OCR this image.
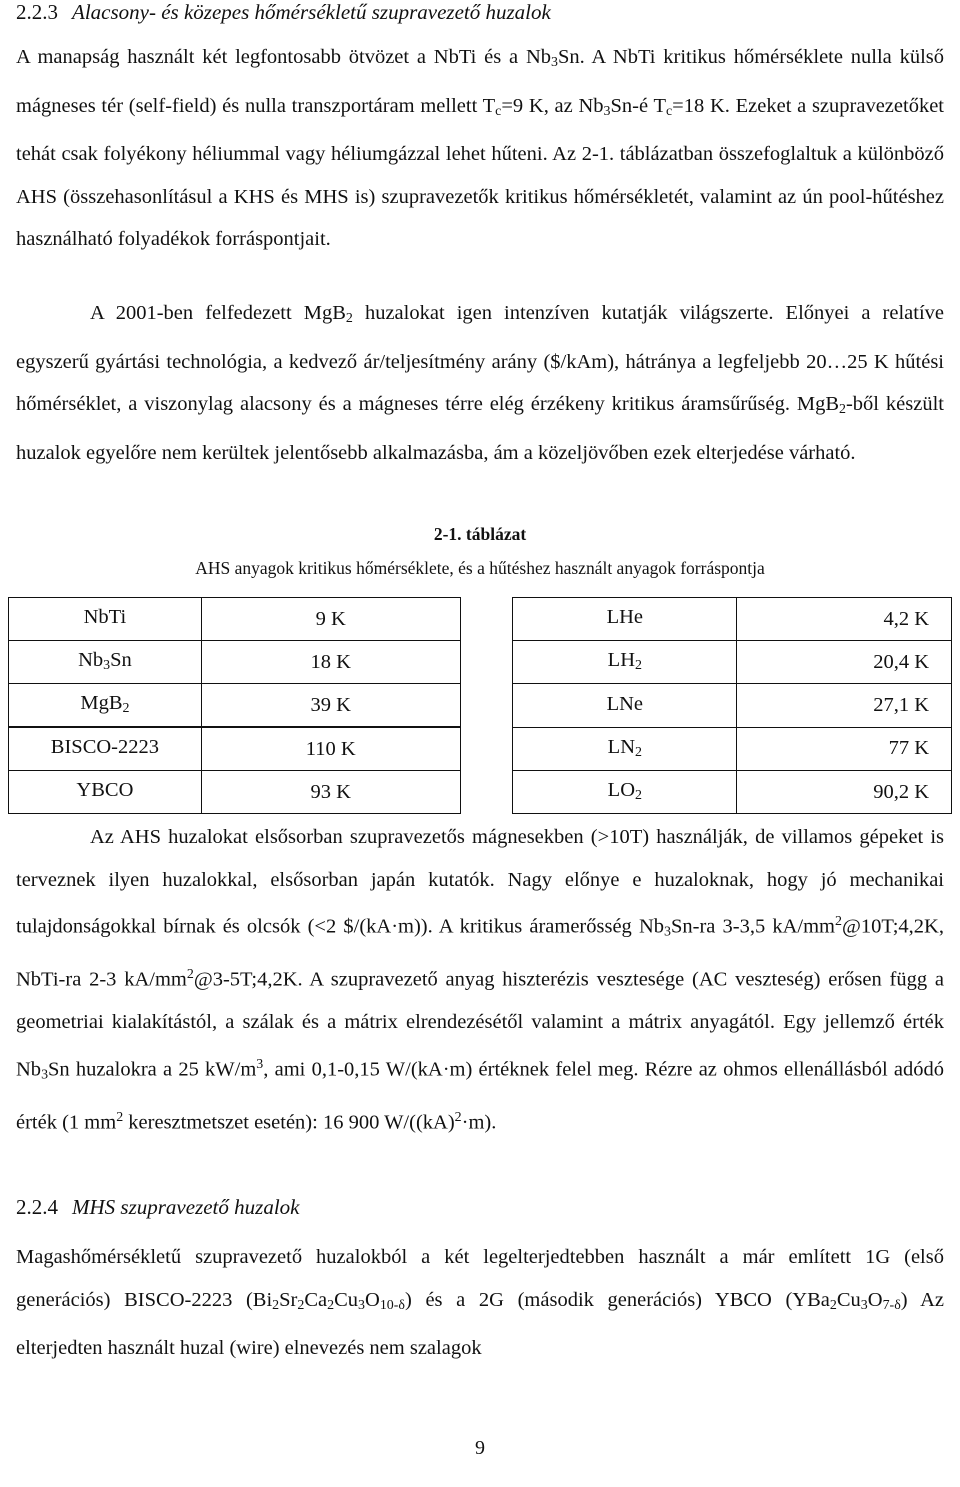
2.2.3 Alacsony- és közepes hőmérsékletű szupravezető huzalok
A manapság használt két legfontosabb ötvözet a NbTi és a $Nb_3Sn$. A NbTi kritikus hőmérséklete nulla külső mágneses tér (self-field) és nulla transzportáram mellett $T_c=9$ K, az $Nb_3Sn-é$ $T_c=18$ K. Ezeket a szupravezetőket tehát csak folyékony héliummal vagy héliumgázzal lehet hűteni. Az 2-1. táblázatban összefoglaltuk a különböző AHS (összehasonlításul a KHS és MHS is) szupravezetők kritikus hőmérsékletét, valamint az ún pool-hűtéshez használható folyadékok forráspontjait.
A 2001-ben felfedezett MgB$_2$ huzalokat igen intenzíven kutatják világszerte. Előnyei a relatíve egyszerű gyártási technológia, a kedvező ár/teljesítmény arány ($/kAm), hátránya a legfeljebb 20…25 K hűtési hőmérséklet, a viszonylag alacsony és a mágneses térre elég érzékeny kritikus áramsűrűség. MgB$_2$-ből készült huzalok egyelőre nem kerültek jelentősebb alkalmazásba, ám a közeljövőben ezek elterjedése várható.
2-1. táblázat
AHS anyagok kritikus hőmérséklete, és a hűtéshez használt anyagok forráspontja
NbTi	9 K		LHe	4,2 K
$Nb_3Sn$	18 K		$LH_2$	20,4 K
MgB$_2$	39 K		LNe	27,1 K
BISCO-2223	110 K		$LN_2$	77 K
YBCO	93 K		$LO_2$	90,2 K
Az AHS huzalokat elsősorban szupravezetős mágnesekben (>10T) használják, de villamos gépeket is terveznek ilyen huzalokkal, elsősorban japán kutatók. Nagy előnye e huzaloknak, hogy jó mechanikai tulajdonságokkal bírnak és olcsók (<2 $/(kA·m)). A kritikus áramerősség $Nb_3Sn-ra$ 3-3,5 $kA/mm^2@10T;4,2K$, NbTi-ra 2-3 $kA/mm^2@3-5T;4,2K$. A szupravezető anyag hiszterézis vesztesége (AC veszteség) erősen függ a geometriai kialakítástól, a szálak és a mátrix elrendezésétől valamint a mátrix anyagától. Egy jellemző érték $Nb_3Sn$ huzalokra a 25 $kW/m^3$, ami 0,1-0,15 W/(kA·m) értéknek felel meg. Rézre az ohmos ellenállásból adódó érték (1 $mm^2$ keresztmetszet esetén): 16 900 W/((kA)$^2$·m).
2.2.4 MHS szupravezető huzalok
Magashőmérsékletű szupravezető huzalokból a két legelterjedtebben használt a már említett 1G (első generációs) BISCO-2223 $(Bi_2Sr_2Ca_2Cu_3O_{10-\delta})$ és a 2G (második generációs) YBCO $(YBa_2Cu_3O_{7-\delta})$ Az elterjedten használt huzal (wire) elnevezés nem szalagok
9
